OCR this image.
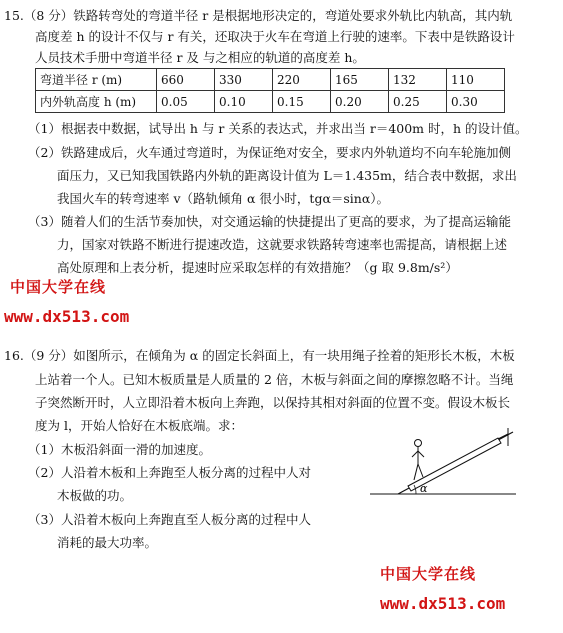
15.（8 分）铁路转弯处的弯道半径 r 是根据地形决定的，弯道处要求外轨比内轨高，其内轨
高度差 h 的设计不仅与 r 有关，还取决于火车在弯道上行驶的速率。下表中是铁路设计
人员技术手册中弯道半径 r 及 与之相应的轨道的高度差 h。
弯道半径 r (m)	660	330	220	165	132	110
内外轨高度 h (m)	0.05	0.10	0.15	0.20	0.25	0.30
（1）根据表中数据，试导出 h 与 r 关系的表达式，并求出当 r＝400m 时，h 的设计值。
（2）铁路建成后，火车通过弯道时，为保证绝对安全，要求内外轨道均不向车轮施加侧
面压力，又已知我国铁路内外轨的距离设计值为 L＝1.435m，结合表中数据，求出
我国火车的转弯速率 v（路轨倾角 α 很小时，tgα＝sinα）。
（3）随着人们的生活节奏加快，对交通运输的快捷提出了更高的要求，为了提高运输能
力，国家对铁路不断进行提速改造，这就要求铁路转弯速率也需提高，请根据上述
高处原理和上表分析，提速时应采取怎样的有效措施？（g 取 9.8m/s²）
中国大学在线
www.dx513.com
16.（9 分）如图所示，在倾角为 α 的固定长斜面上，有一块用绳子拴着的矩形长木板，木板
上站着一个人。已知木板质量是人质量的 2 倍，木板与斜面之间的摩擦忽略不计。当绳
子突然断开时，人立即沿着木板向上奔跑，以保持其相对斜面的位置不变。假设木板长
度为 l，开始人恰好在木板底端。求：
（1）木板沿斜面一滑的加速度。
（2）人沿着木板和上奔跑至人板分离的过程中人对
木板做的功。
（3）人沿着木板向上奔跑直至人板分离的过程中人
消耗的最大功率。
α
中国大学在线
www.dx513.com
